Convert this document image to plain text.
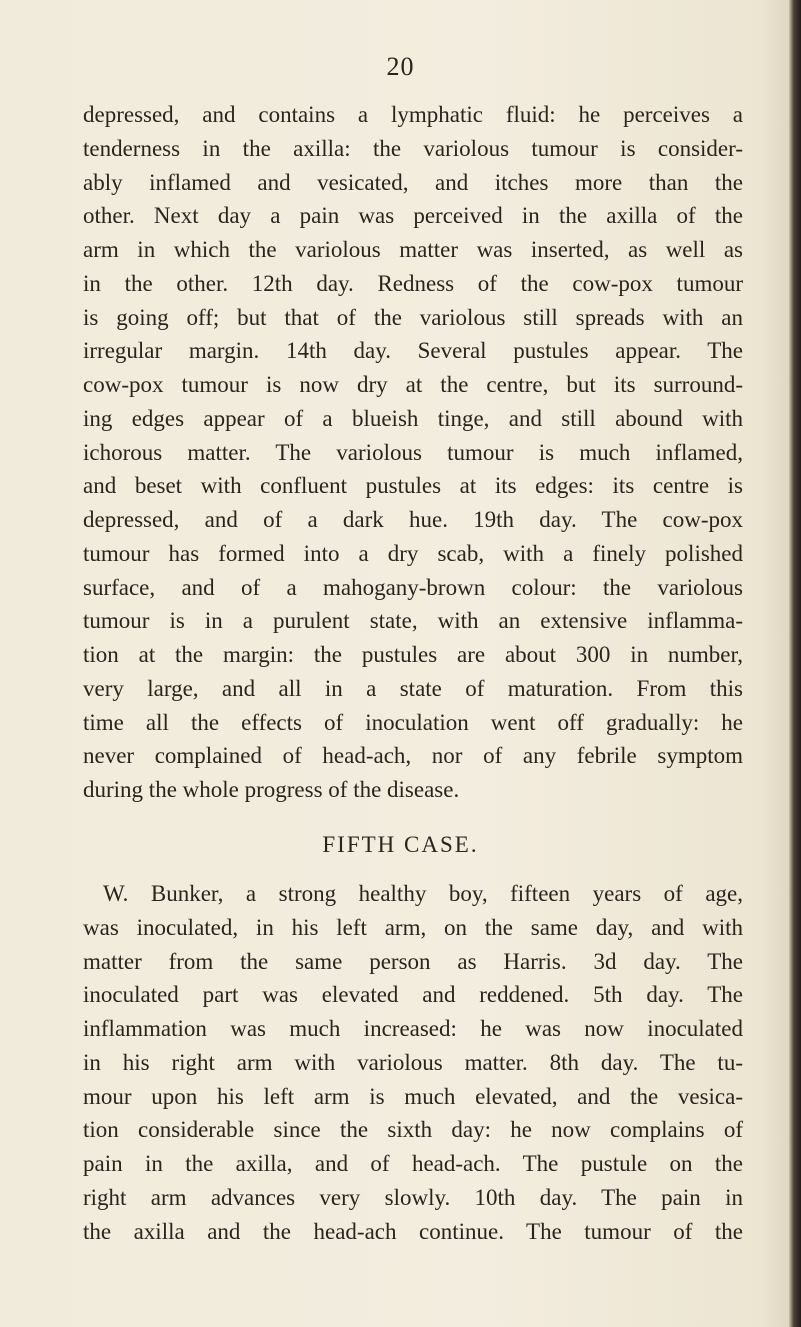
20
depressed, and contains a lymphatic fluid: he perceives a
tenderness in the axilla: the variolous tumour is consider-
ably inflamed and vesicated, and itches more than the
other. Next day a pain was perceived in the axilla of the
arm in which the variolous matter was inserted, as well as
in the other. 12th day. Redness of the cow-pox tumour
is going off; but that of the variolous still spreads with an
irregular margin. 14th day. Several pustules appear. The
cow-pox tumour is now dry at the centre, but its surround-
ing edges appear of a blueish tinge, and still abound with
ichorous matter. The variolous tumour is much inflamed,
and beset with confluent pustules at its edges: its centre is
depressed, and of a dark hue. 19th day. The cow-pox
tumour has formed into a dry scab, with a finely polished
surface, and of a mahogany-brown colour: the variolous
tumour is in a purulent state, with an extensive inflamma-
tion at the margin: the pustules are about 300 in number,
very large, and all in a state of maturation. From this
time all the effects of inoculation went off gradually: he
never complained of head-ach, nor of any febrile symptom
during the whole progress of the disease.
FIFTH CASE.
W. Bunker, a strong healthy boy, fifteen years of age,
was inoculated, in his left arm, on the same day, and with
matter from the same person as Harris. 3d day. The
inoculated part was elevated and reddened. 5th day. The
inflammation was much increased: he was now inoculated
in his right arm with variolous matter. 8th day. The tu-
mour upon his left arm is much elevated, and the vesica-
tion considerable since the sixth day: he now complains of
pain in the axilla, and of head-ach. The pustule on the
right arm advances very slowly. 10th day. The pain in
the axilla and the head-ach continue. The tumour of the
